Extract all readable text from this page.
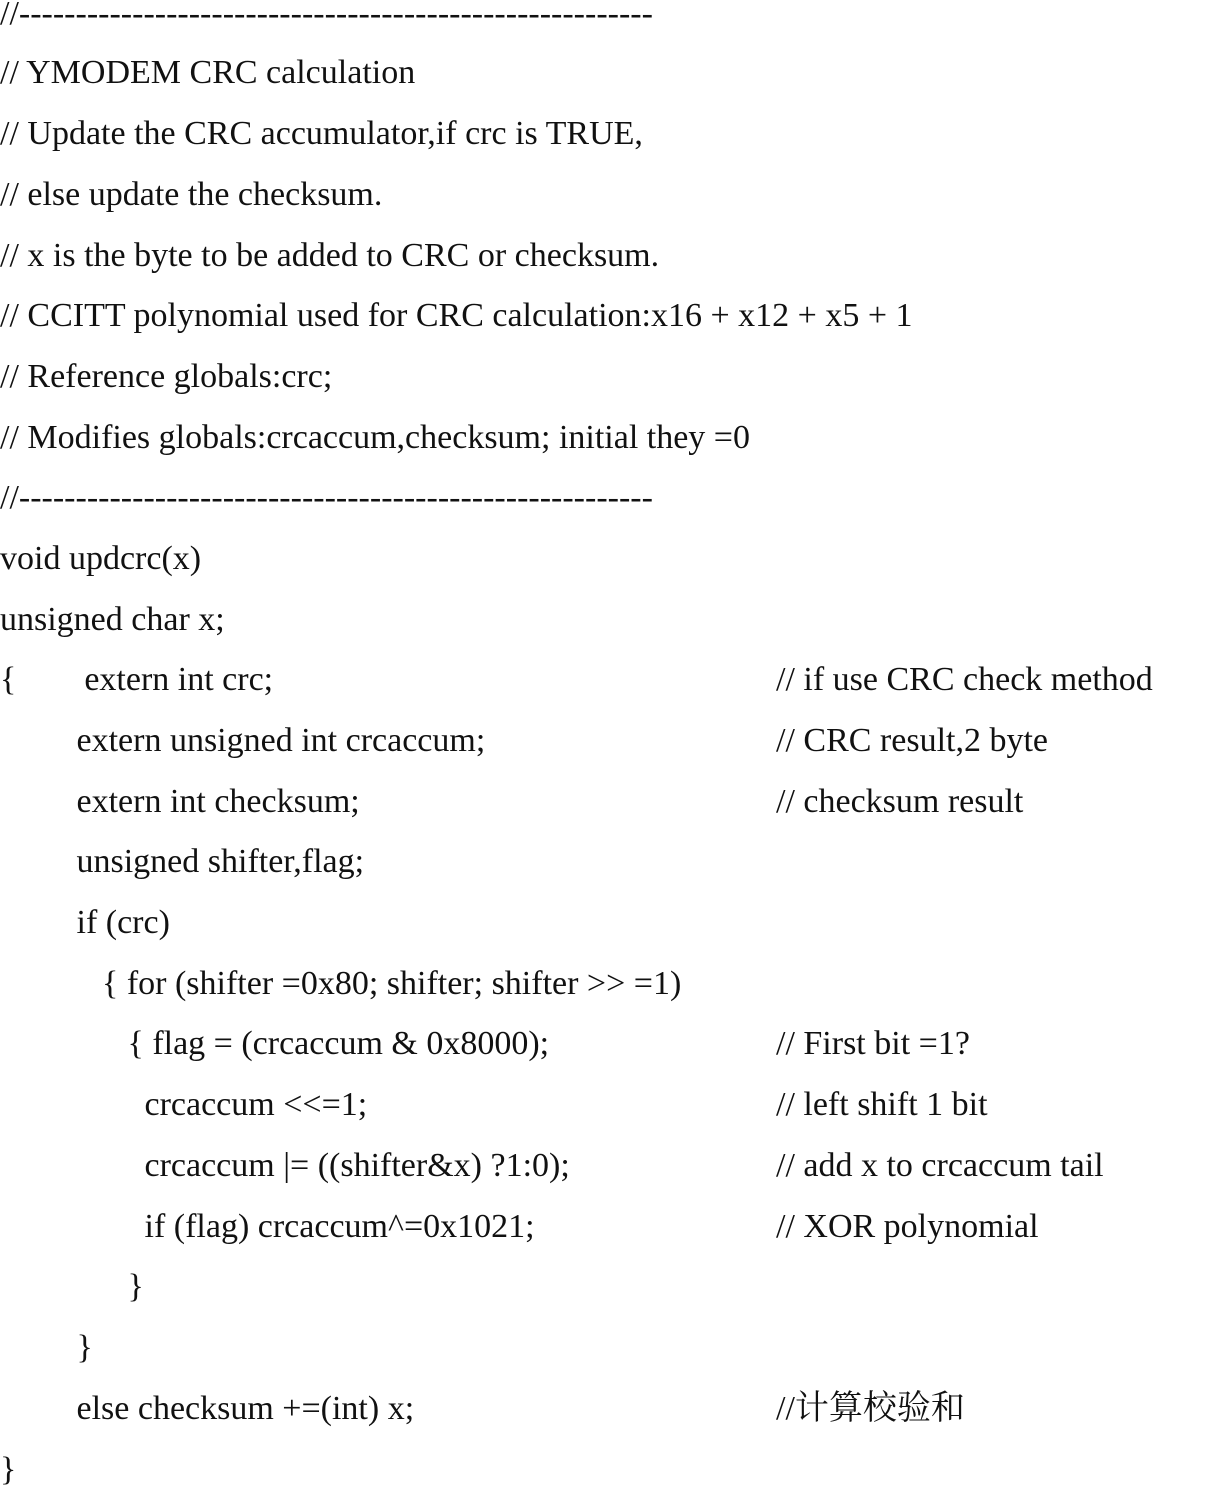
//--------------------------------------------------------
// YMODEM CRC calculation
// Update the CRC accumulator,if crc is TRUE,
// else update the checksum.
// x is the byte to be added to CRC or checksum.
// CCITT polynomial used for CRC calculation:x16 + x12 + x5 + 1
// Reference globals:crc;
// Modifies globals:crcaccum,checksum; initial they =0
//--------------------------------------------------------
void updcrc(x)
unsigned char x;
{        extern int crc;	// if use CRC check method
extern unsigned int crcaccum;	// CRC result,2 byte
extern int checksum;	// checksum result
unsigned shifter,flag;
if (crc)
{ for (shifter =0x80; shifter; shifter >> =1)
{ flag = (crcaccum & 0x8000);	// First bit =1?
crcaccum <<=1;	// left shift 1 bit
crcaccum |= ((shifter&x) ?1:0);	// add x to crcaccum tail
if (flag) crcaccum^=0x1021;	// XOR polynomial
}
}
else checksum +=(int) x;	//计算校验和
}
